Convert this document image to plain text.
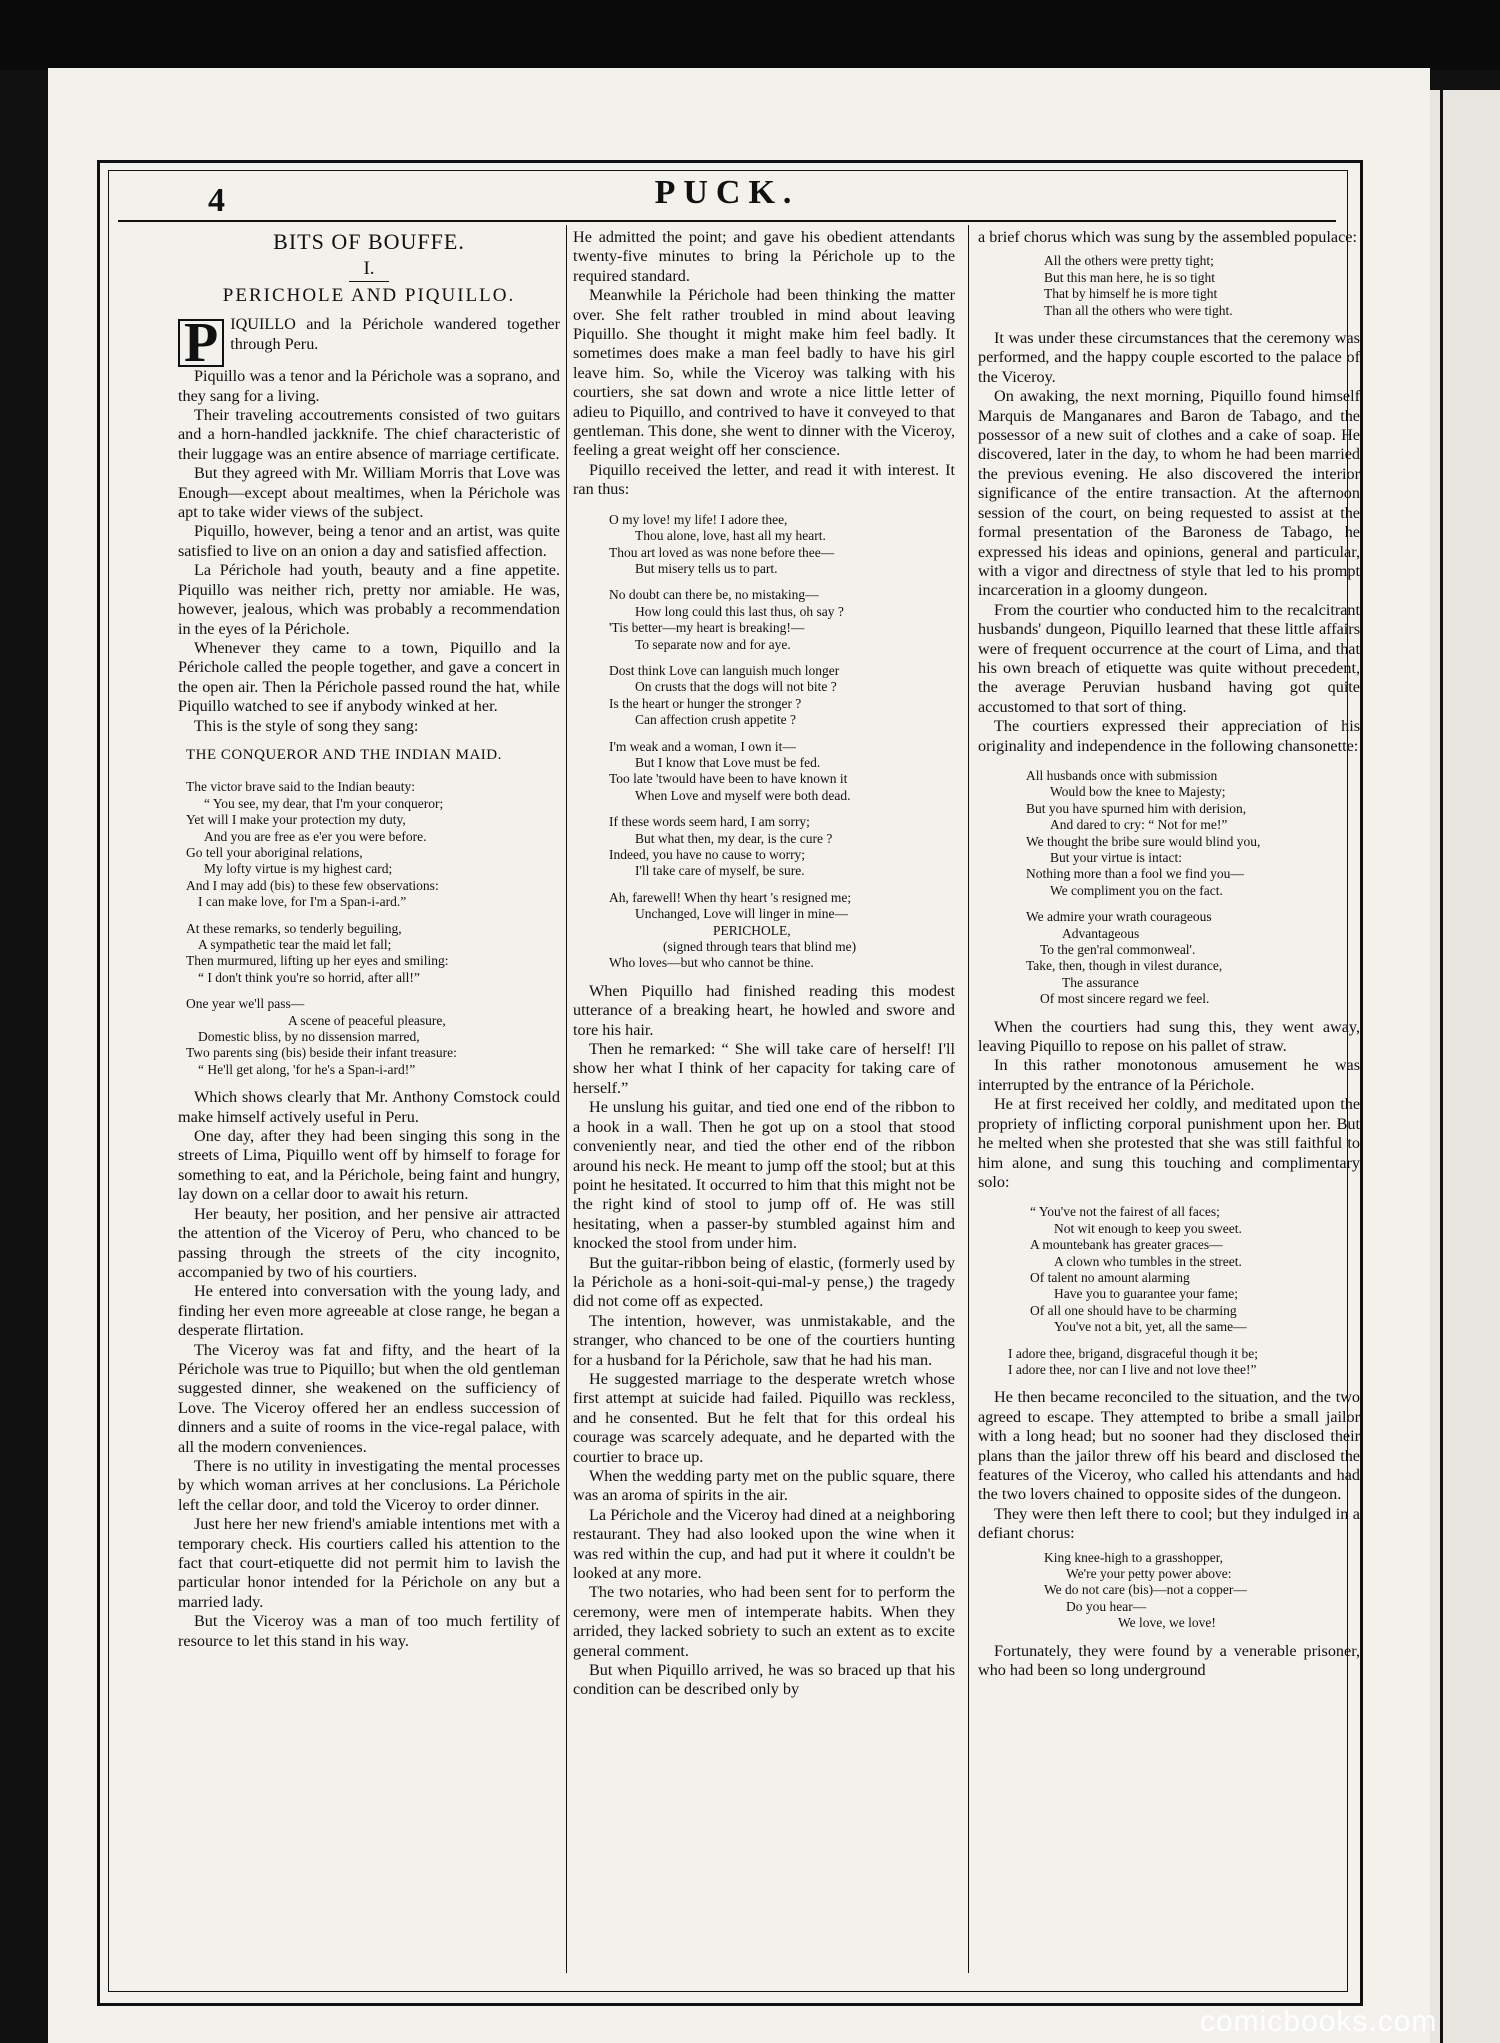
4	PUCK.
BITS OF BOUFFE.
I.
PERICHOLE AND PIQUILLO.

P IQUILLO and la Périchole wandered together through Peru.

Piquillo was a tenor and la Périchole was a soprano, and they sang for a living.

Their traveling accoutrements consisted of two guitars and a horn-handled jackknife. The chief characteristic of their luggage was an entire absence of marriage certificate.

But they agreed with Mr. William Morris that Love was Enough—except about mealtimes, when la Périchole was apt to take wider views of the subject.

Piquillo, however, being a tenor and an artist, was quite satisfied to live on an onion a day and satisfied affection.

La Périchole had youth, beauty and a fine appetite. Piquillo was neither rich, pretty nor amiable. He was, however, jealous, which was probably a recommendation in the eyes of la Périchole.

Whenever they came to a town, Piquillo and la Périchole called the people together, and gave a concert in the open air. Then la Périchole passed round the hat, while Piquillo watched to see if anybody winked at her.

This is the style of song they sang:

THE CONQUEROR AND THE INDIAN MAID.
The victor brave said to the Indian beauty:
“ You see, my dear, that I'm your conqueror;
Yet will I make your protection my duty,
And you are free as e'er you were before.
Go tell your aboriginal relations,
My lofty virtue is my highest card;
And I may add (bis) to these few observations:
I can make love, for I'm a Span-i-ard.”
At these remarks, so tenderly beguiling,
A sympathetic tear the maid let fall;
Then murmured, lifting up her eyes and smiling:
“ I don't think you're so horrid, after all!”
One year we'll pass—
A scene of peaceful pleasure,
Domestic bliss, by no dissension marred,
Two parents sing (bis) beside their infant treasure:
“ He'll get along, 'for he's a Span-i-ard!”

Which shows clearly that Mr. Anthony Comstock could make himself actively useful in Peru.

One day, after they had been singing this song in the streets of Lima, Piquillo went off by himself to forage for something to eat, and la Périchole, being faint and hungry, lay down on a cellar door to await his return.

Her beauty, her position, and her pensive air attracted the attention of the Viceroy of Peru, who chanced to be passing through the streets of the city incognito, accompanied by two of his courtiers.

He entered into conversation with the young lady, and finding her even more agreeable at close range, he began a desperate flirtation.

The Viceroy was fat and fifty, and the heart of la Périchole was true to Piquillo; but when the old gentleman suggested dinner, she weakened on the sufficiency of Love. The Viceroy offered her an endless succession of dinners and a suite of rooms in the vice-regal palace, with all the modern conveniences.

There is no utility in investigating the mental processes by which woman arrives at her conclusions. La Périchole left the cellar door, and told the Viceroy to order dinner.

Just here her new friend's amiable intentions met with a temporary check. His courtiers called his attention to the fact that court-etiquette did not permit him to lavish the particular honor intended for la Périchole on any but a married lady.

But the Viceroy was a man of too much fertility of resource to let this stand in his way.

He admitted the point; and gave his obedient attendants twenty-five minutes to bring la Périchole up to the required standard.

Meanwhile la Périchole had been thinking the matter over. She felt rather troubled in mind about leaving Piquillo. She thought it might make him feel badly. It sometimes does make a man feel badly to have his girl leave him. So, while the Viceroy was talking with his courtiers, she sat down and wrote a nice little letter of adieu to Piquillo, and contrived to have it conveyed to that gentleman. This done, she went to dinner with the Viceroy, feeling a great weight off her conscience.

Piquillo received the letter, and read it with interest. It ran thus:

O my love! my life! I adore thee,
Thou alone, love, hast all my heart.
Thou art loved as was none before thee—
But misery tells us to part.
No doubt can there be, no mistaking—
How long could this last thus, oh say ?
'Tis better—my heart is breaking!—
To separate now and for aye.
Dost think Love can languish much longer
On crusts that the dogs will not bite ?
Is the heart or hunger the stronger ?
Can affection crush appetite ?
I'm weak and a woman, I own it—
But I know that Love must be fed.
Too late 'twould have been to have known it
When Love and myself were both dead.
If these words seem hard, I am sorry;
But what then, my dear, is the cure ?
Indeed, you have no cause to worry;
I'll take care of myself, be sure.
Ah, farewell! When thy heart 's resigned me;
Unchanged, Love will linger in mine—
PERICHOLE,
(signed through tears that blind me)
Who loves—but who cannot be thine.

When Piquillo had finished reading this modest utterance of a breaking heart, he howled and swore and tore his hair.

Then he remarked: “ She will take care of herself! I'll show her what I think of her capacity for taking care of herself.”

He unslung his guitar, and tied one end of the ribbon to a hook in a wall. Then he got up on a stool that stood conveniently near, and tied the other end of the ribbon around his neck. He meant to jump off the stool; but at this point he hesitated. It occurred to him that this might not be the right kind of stool to jump off of. He was still hesitating, when a passer-by stumbled against him and knocked the stool from under him.

But the guitar-ribbon being of elastic, (formerly used by la Périchole as a honi-soit-qui-mal-y pense,) the tragedy did not come off as expected.

The intention, however, was unmistakable, and the stranger, who chanced to be one of the courtiers hunting for a husband for la Périchole, saw that he had his man.

He suggested marriage to the desperate wretch whose first attempt at suicide had failed. Piquillo was reckless, and he consented. But he felt that for this ordeal his courage was scarcely adequate, and he departed with the courtier to brace up.

When the wedding party met on the public square, there was an aroma of spirits in the air.

La Périchole and the Viceroy had dined at a neighboring restaurant. They had also looked upon the wine when it was red within the cup, and had put it where it couldn't be looked at any more.

The two notaries, who had been sent for to perform the ceremony, were men of intemperate habits. When they arrided, they lacked sobriety to such an extent as to excite general comment.

But when Piquillo arrived, he was so braced up that his condition can be described only by

a brief chorus which was sung by the assembled populace:

All the others were pretty tight;
But this man here, he is so tight
That by himself he is more tight
Than all the others who were tight.

It was under these circumstances that the ceremony was performed, and the happy couple escorted to the palace of the Viceroy.

On awaking, the next morning, Piquillo found himself Marquis de Manganares and Baron de Tabago, and the possessor of a new suit of clothes and a cake of soap. He discovered, later in the day, to whom he had been married the previous evening. He also discovered the interior significance of the entire transaction. At the afternoon session of the court, on being requested to assist at the formal presentation of the Baroness de Tabago, he expressed his ideas and opinions, general and particular, with a vigor and directness of style that led to his prompt incarceration in a gloomy dungeon.

From the courtier who conducted him to the recalcitrant husbands' dungeon, Piquillo learned that these little affairs were of frequent occurrence at the court of Lima, and that his own breach of etiquette was quite without precedent, the average Peruvian husband having got quite accustomed to that sort of thing.

The courtiers expressed their appreciation of his originality and independence in the following chansonette:

All husbands once with submission
Would bow the knee to Majesty;
But you have spurned him with derision,
And dared to cry: “ Not for me!”
We thought the bribe sure would blind you,
But your virtue is intact:
Nothing more than a fool we find you—
We compliment you on the fact.
We admire your wrath courageous
Advantageous
To the gen'ral commonweal'.
Take, then, though in vilest durance,
The assurance
Of most sincere regard we feel.

When the courtiers had sung this, they went away, leaving Piquillo to repose on his pallet of straw.

In this rather monotonous amusement he was interrupted by the entrance of la Périchole.

He at first received her coldly, and meditated upon the propriety of inflicting corporal punishment upon her. But he melted when she protested that she was still faithful to him alone, and sung this touching and complimentary solo:

“ You've not the fairest of all faces;
Not wit enough to keep you sweet.
A mountebank has greater graces—
A clown who tumbles in the street.
Of talent no amount alarming
Have you to guarantee your fame;
Of all one should have to be charming
You've not a bit, yet, all the same—
I adore thee, brigand, disgraceful though it be;
I adore thee, nor can I live and not love thee!”

He then became reconciled to the situation, and the two agreed to escape. They attempted to bribe a small jailor with a long head; but no sooner had they disclosed their plans than the jailor threw off his beard and disclosed the features of the Viceroy, who called his attendants and had the two lovers chained to opposite sides of the dungeon.

They were then left there to cool; but they indulged in a defiant chorus:

King knee-high to a grasshopper,
We're your petty power above:
We do not care (bis)—not a copper—
Do you hear—
We love, we love!

Fortunately, they were found by a venerable prisoner, who had been so long underground

comicbooks.com
